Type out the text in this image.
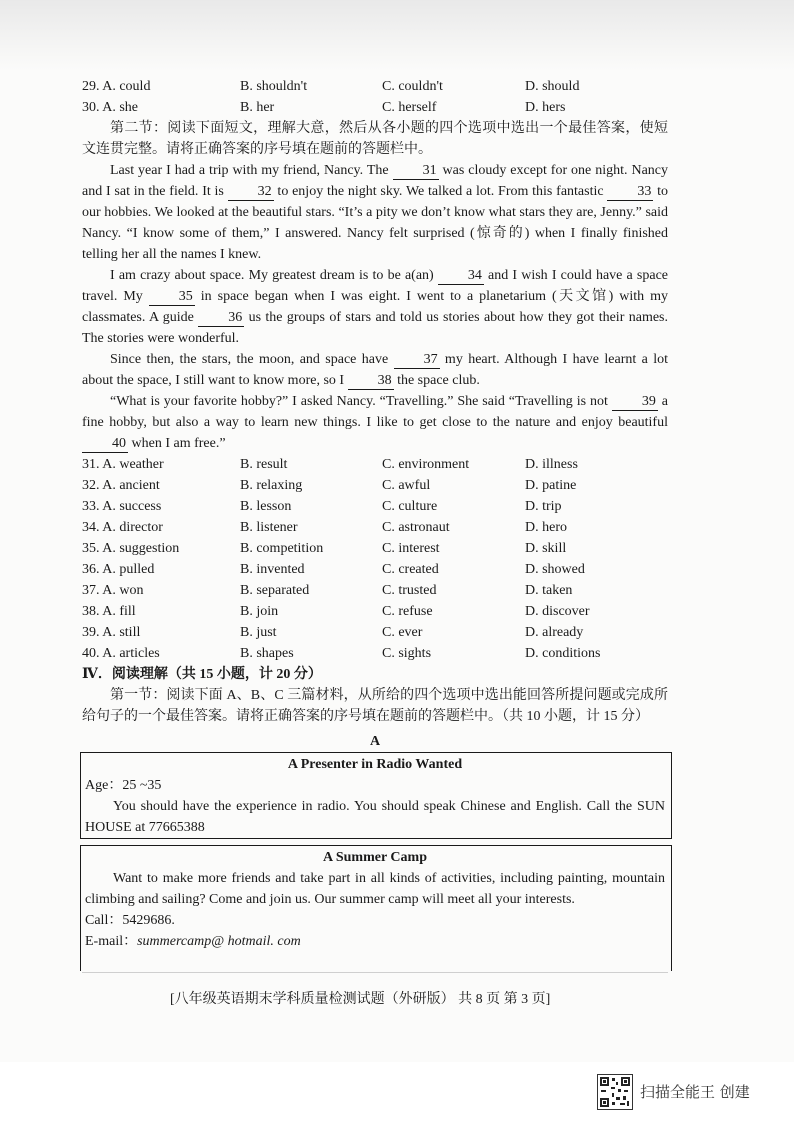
29. A. could	B. shouldn't	C. couldn't	D. should
30. A. she	B. her	C. herself	D. hers

第二节：阅读下面短文，理解大意，然后从各小题的四个选项中选出一个最佳答案，使短文连贯完整。请将正确答案的序号填在题前的答题栏中。

Last year I had a trip with my friend, Nancy. The 31 was cloudy except for one night. Nancy and I sat in the field. It is 32 to enjoy the night sky. We talked a lot. From this fantastic 33 to our hobbies. We looked at the beautiful stars. “It’s a pity we don’t know what stars they are, Jenny.” said Nancy. “I know some of them,” I answered. Nancy felt surprised (惊奇的) when I finally finished telling her all the names I knew.

I am crazy about space. My greatest dream is to be a(an) 34 and I wish I could have a space travel. My 35 in space began when I was eight. I went to a planetarium (天文馆) with my classmates. A guide 36 us the groups of stars and told us stories about how they got their names. The stories were wonderful.

Since then, the stars, the moon, and space have 37 my heart. Although I have learnt a lot about the space, I still want to know more, so I 38 the space club.

“What is your favorite hobby?” I asked Nancy. “Travelling.” She said “Travelling is not 39 a fine hobby, but also a way to learn new things. I like to get close to the nature and enjoy beautiful 40 when I am free.”

31. A. weather	B. result	C. environment	D. illness
32. A. ancient	B. relaxing	C. awful	D. patine
33. A. success	B. lesson	C. culture	D. trip
34. A. director	B. listener	C. astronaut	D. hero
35. A. suggestion	B. competition	C. interest	D. skill
36. A. pulled	B. invented	C. created	D. showed
37. A. won	B. separated	C. trusted	D. taken
38. A. fill	B. join	C. refuse	D. discover
39. A. still	B. just	C. ever	D. already
40. A. articles	B. shapes	C. sights	D. conditions

Ⅳ．阅读理解（共 15 小题，计 20 分）

第一节：阅读下面 A、B、C 三篇材料，从所给的四个选项中选出能回答所提问题或完成所给句子的一个最佳答案。请将正确答案的序号填在题前的答题栏中。（共 10 小题，计 15 分）

A
A Presenter in Radio Wanted
Age：25 ~35

You should have the experience in radio. You should speak Chinese and English. Call the SUN HOUSE at 77665388

A Summer Camp

Want to make more friends and take part in all kinds of activities, including painting, mountain climbing and sailing? Come and join us. Our summer camp will meet all your interests.

Call：5429686.
E-mail：summercamp@ hotmail. com
[八年级英语期末学科质量检测试题（外研版） 共 8 页 第 3 页]
扫描全能王 创建
